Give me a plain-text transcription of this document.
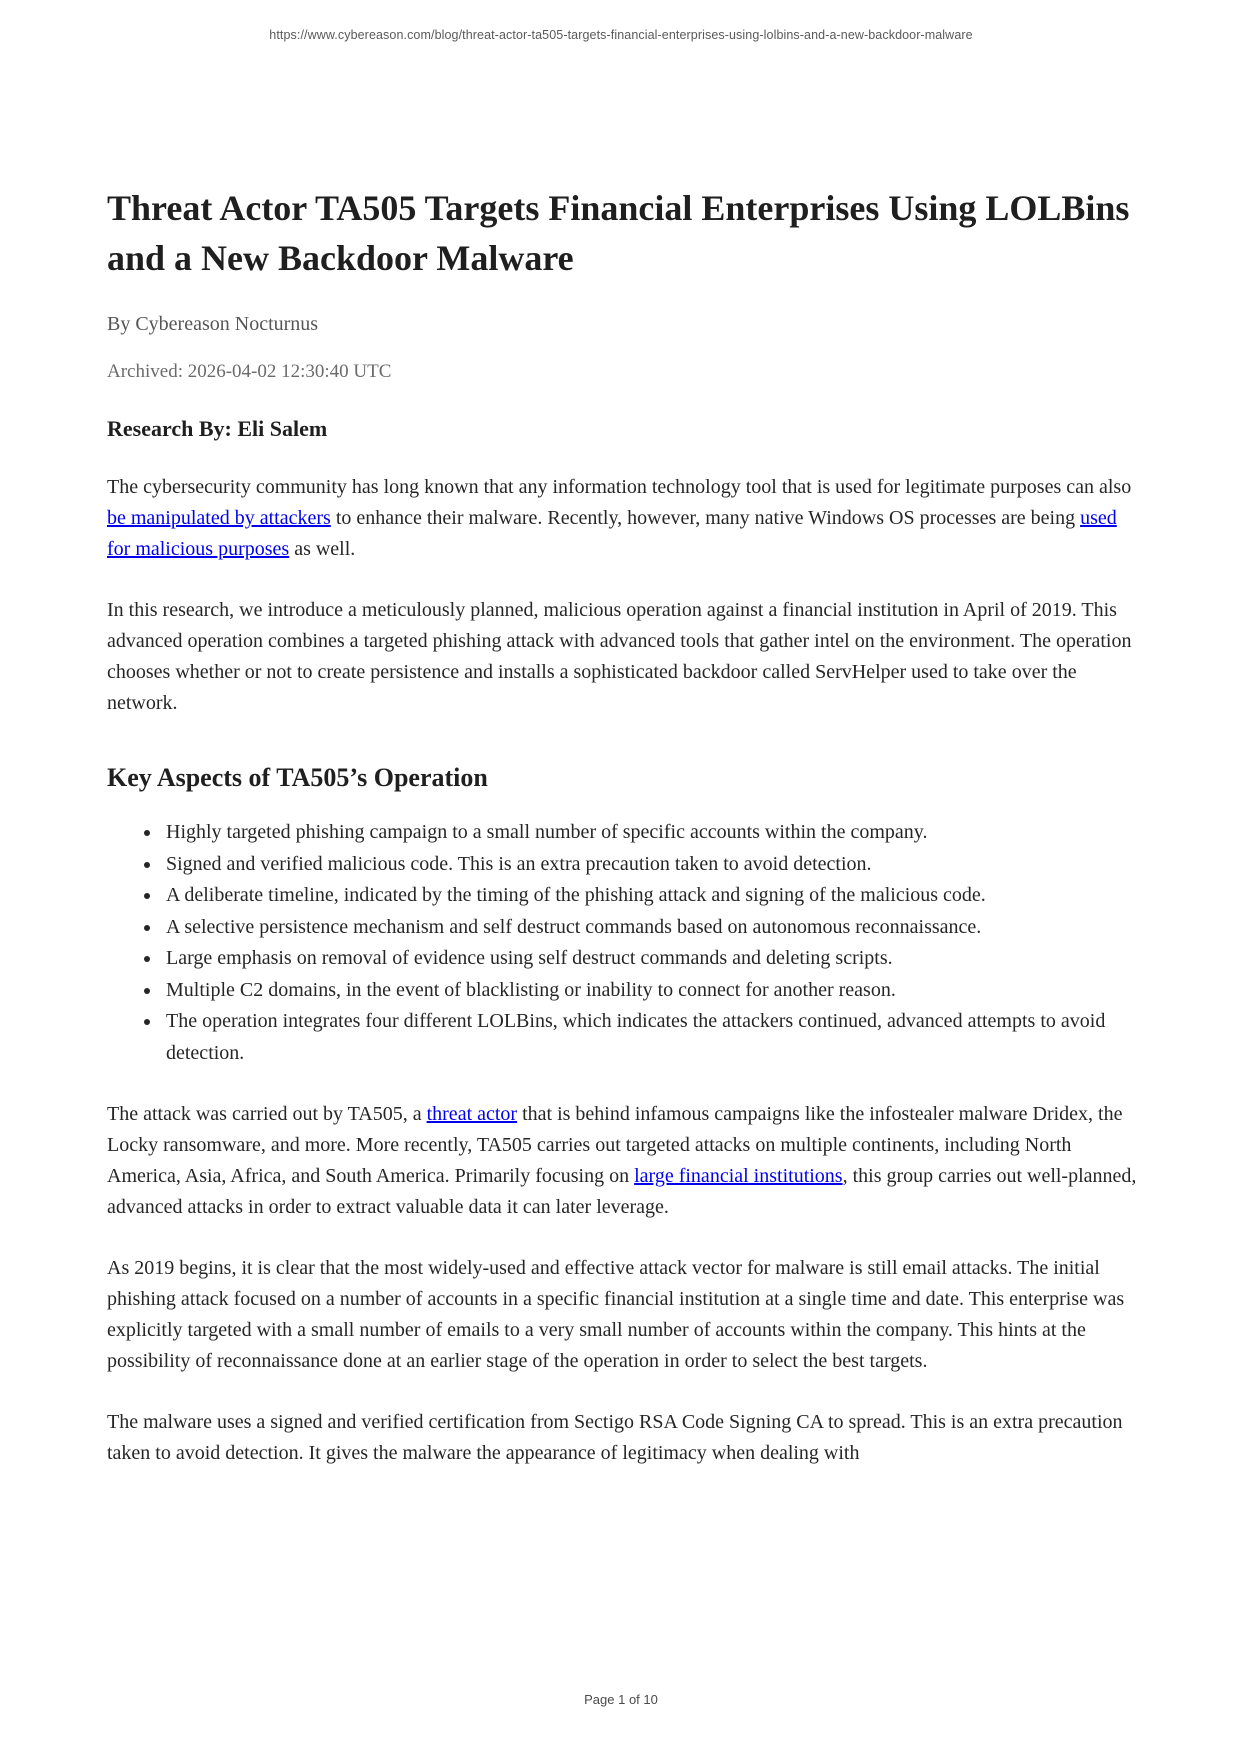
https://www.cybereason.com/blog/threat-actor-ta505-targets-financial-enterprises-using-lolbins-and-a-new-backdoor-malware
Threat Actor TA505 Targets Financial Enterprises Using LOLBins and a New Backdoor Malware
By Cybereason Nocturnus
Archived: 2026-04-02 12:30:40 UTC
Research By: Eli Salem

The cybersecurity community has long known that any information technology tool that is used for legitimate purposes can also be manipulated by attackers to enhance their malware. Recently, however, many native Windows OS processes are being used for malicious purposes as well.

In this research, we introduce a meticulously planned, malicious operation against a financial institution in April of 2019. This advanced operation combines a targeted phishing attack with advanced tools that gather intel on the environment. The operation chooses whether or not to create persistence and installs a sophisticated backdoor called ServHelper used to take over the network.

Key Aspects of TA505’s Operation
• Highly targeted phishing campaign to a small number of specific accounts within the company.
• Signed and verified malicious code. This is an extra precaution taken to avoid detection.
• A deliberate timeline, indicated by the timing of the phishing attack and signing of the malicious code.
• A selective persistence mechanism and self destruct commands based on autonomous reconnaissance.
• Large emphasis on removal of evidence using self destruct commands and deleting scripts.
• Multiple C2 domains, in the event of blacklisting or inability to connect for another reason.
• The operation integrates four different LOLBins, which indicates the attackers continued, advanced attempts to avoid detection.

The attack was carried out by TA505, a threat actor that is behind infamous campaigns like the infostealer malware Dridex, the Locky ransomware, and more. More recently, TA505 carries out targeted attacks on multiple continents, including North America, Asia, Africa, and South America. Primarily focusing on large financial institutions, this group carries out well-planned, advanced attacks in order to extract valuable data it can later leverage.

As 2019 begins, it is clear that the most widely-used and effective attack vector for malware is still email attacks. The initial phishing attack focused on a number of accounts in a specific financial institution at a single time and date. This enterprise was explicitly targeted with a small number of emails to a very small number of accounts within the company. This hints at the possibility of reconnaissance done at an earlier stage of the operation in order to select the best targets.

The malware uses a signed and verified certification from Sectigo RSA Code Signing CA to spread. This is an extra precaution taken to avoid detection. It gives the malware the appearance of legitimacy when dealing with

Page 1 of 10
